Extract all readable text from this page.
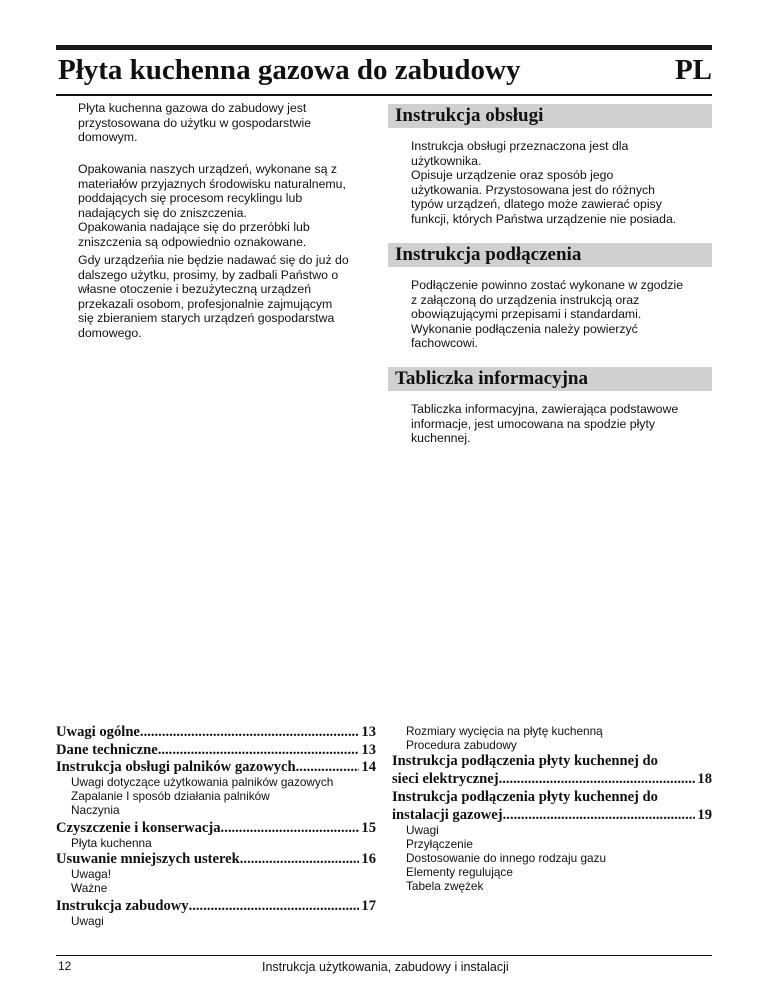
Płyta kuchenna gazowa do zabudowy	PL
Płyta kuchenna gazowa do zabudowy jest
przystosowana do użytku w gospodarstwie
domowym.
Opakowania naszych urządzeń, wykonane są z
materiałów przyjaznych środowisku naturalnemu,
poddających się procesom recyklingu lub
nadających się do zniszczenia.
Opakowania nadające się do przeróbki lub
zniszczenia są odpowiednio oznakowane.
Gdy urządzeńia nie będzie nadawać się do już do
dalszego użytku, prosimy, by zadbali Państwo o
własne otoczenie i bezużyteczną urządzeń
przekazali osobom, profesjonalnie zajmującym
się zbieraniem starych urządzeń gospodarstwa
domowego.
Instrukcja obsługi
Instrukcja obsługi przeznaczona jest dla
użytkownika.
Opisuje urządzenie oraz sposób jego
użytkowania. Przystosowana jest do różnych
typów urządzeń, dlatego może zawierać opisy
funkcji, których Państwa urządzenie nie posiada.
Instrukcja podłączenia
Podłączenie powinno zostać wykonane w zgodzie
z załączoną do urządzenia instrukcją oraz
obowiązującymi przepisami i standardami.
Wykonanie podłączenia należy powierzyć
fachowcowi.
Tabliczka informacyjna
Tabliczka informacyjna, zawierająca podstawowe
informacje, jest umocowana na spodzie płyty
kuchennej.
Uwagi ogólne .....	13
Dane techniczne .....	13
Instrukcja obsługi palników gazowych .....	14
Uwagi dotyczące użytkowania palników gazowych
Zapalanie I sposób działania palników
Naczynia
Czyszczenie i konserwacja .....	15
Płyta kuchenna
Usuwanie mniejszych usterek .....	16
Uwaga!
Ważne
Instrukcja zabudowy .....	17
Uwagi
Rozmiary wycięcia na płytę kuchenną
Procedura zabudowy
Instrukcja podłączenia płyty kuchennej do
sieci elektrycznej .....	18
Instrukcja podłączenia płyty kuchennej do
instalacji gazowej .....	19
Uwagi
Przyłączenie
Dostosowanie do innego rodzaju gazu
Elementy regulujące
Tabela zwężek
12	Instrukcja użytkowania, zabudowy i instalacji
